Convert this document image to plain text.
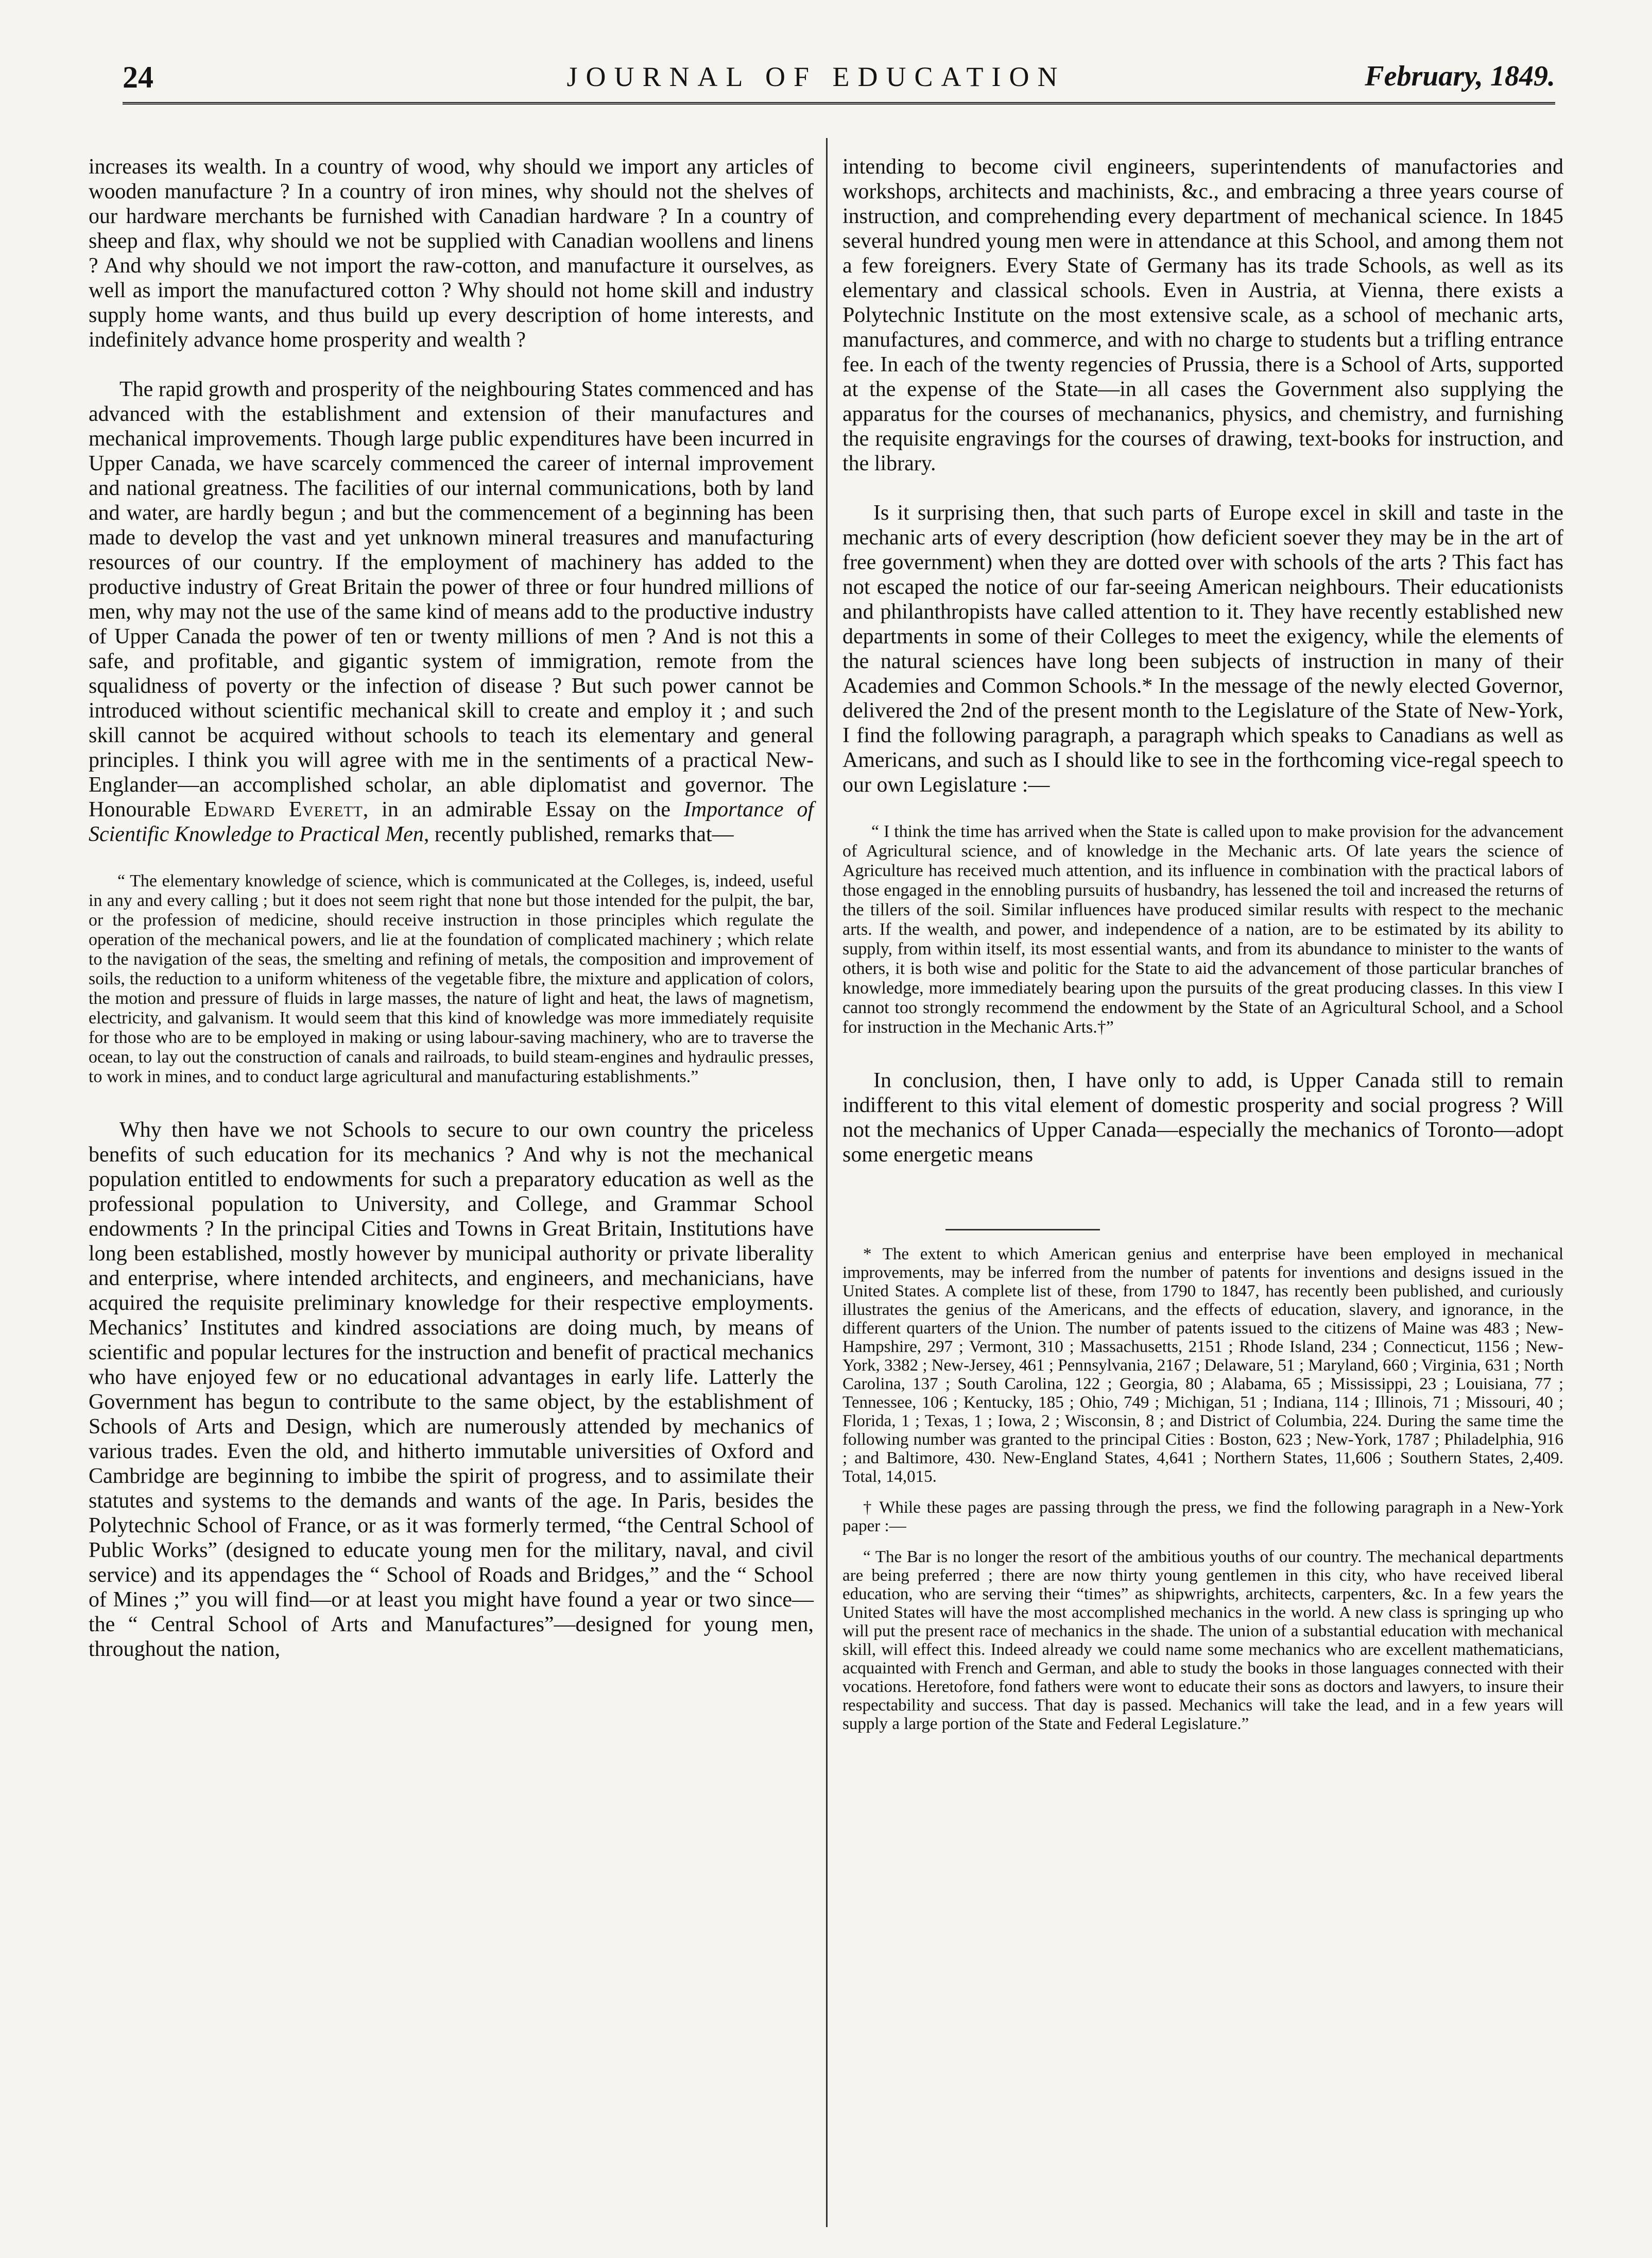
24	JOURNAL OF EDUCATION	February, 1849.

increases its wealth. In a country of wood, why should we import any articles of wooden manufacture ? In a country of iron mines, why should not the shelves of our hardware merchants be furnished with Canadian hardware ? In a country of sheep and flax, why should we not be supplied with Canadian woollens and linens ? And why should we not import the raw-cotton, and manufacture it ourselves, as well as import the manufactured cotton ? Why should not home skill and industry supply home wants, and thus build up every description of home interests, and indefinitely advance home prosperity and wealth ?

The rapid growth and prosperity of the neighbouring States commenced and has advanced with the establishment and extension of their manufactures and mechanical improvements. Though large public expenditures have been incurred in Upper Canada, we have scarcely commenced the career of internal improvement and national greatness. The facilities of our internal communications, both by land and water, are hardly begun ; and but the commencement of a beginning has been made to develop the vast and yet unknown mineral treasures and manufacturing resources of our country. If the employment of machinery has added to the productive industry of Great Britain the power of three or four hundred millions of men, why may not the use of the same kind of means add to the productive industry of Upper Canada the power of ten or twenty millions of men ? And is not this a safe, and profitable, and gigantic system of immigration, remote from the squalidness of poverty or the infection of disease ? But such power cannot be introduced without scientific mechanical skill to create and employ it ; and such skill cannot be acquired without schools to teach its elementary and general principles. I think you will agree with me in the sentiments of a practical New-Englander—an accomplished scholar, an able diplomatist and governor. The Honourable Edward Everett, in an admirable Essay on the Importance of Scientific Knowledge to Practical Men, recently published, remarks that—

“ The elementary knowledge of science, which is communicated at the Colleges, is, indeed, useful in any and every calling ; but it does not seem right that none but those intended for the pulpit, the bar, or the profession of medicine, should receive instruction in those principles which regulate the operation of the mechanical powers, and lie at the foundation of complicated machinery ; which relate to the navigation of the seas, the smelting and refining of metals, the composition and improvement of soils, the reduction to a uniform whiteness of the vegetable fibre, the mixture and application of colors, the motion and pressure of fluids in large masses, the nature of light and heat, the laws of magnetism, electricity, and galvanism. It would seem that this kind of knowledge was more immediately requisite for those who are to be employed in making or using labour-saving machinery, who are to traverse the ocean, to lay out the construction of canals and railroads, to build steam-engines and hydraulic presses, to work in mines, and to conduct large agricultural and manufacturing establishments.”

Why then have we not Schools to secure to our own country the priceless benefits of such education for its mechanics ? And why is not the mechanical population entitled to endowments for such a preparatory education as well as the professional population to University, and College, and Grammar School endowments ? In the principal Cities and Towns in Great Britain, Institutions have long been established, mostly however by municipal authority or private liberality and enterprise, where intended architects, and engineers, and mechanicians, have acquired the requisite preliminary knowledge for their respective employments. Mechanics’ Institutes and kindred associations are doing much, by means of scientific and popular lectures for the instruction and benefit of practical mechanics who have enjoyed few or no educational advantages in early life. Latterly the Government has begun to contribute to the same object, by the establishment of Schools of Arts and Design, which are numerously attended by mechanics of various trades. Even the old, and hitherto immutable universities of Oxford and Cambridge are beginning to imbibe the spirit of progress, and to assimilate their statutes and systems to the demands and wants of the age. In Paris, besides the Polytechnic School of France, or as it was formerly termed, “the Central School of Public Works” (designed to educate young men for the military, naval, and civil service) and its appendages the “ School of Roads and Bridges,” and the “ School of Mines ;” you will find—or at least you might have found a year or two since—the “ Central School of Arts and Manufactures”—designed for young men, throughout the nation,

intending to become civil engineers, superintendents of manufactories and workshops, architects and machinists, &c., and embracing a three years course of instruction, and comprehending every department of mechanical science. In 1845 several hundred young men were in attendance at this School, and among them not a few foreigners. Every State of Germany has its trade Schools, as well as its elementary and classical schools. Even in Austria, at Vienna, there exists a Polytechnic Institute on the most extensive scale, as a school of mechanic arts, manufactures, and commerce, and with no charge to students but a trifling entrance fee. In each of the twenty regencies of Prussia, there is a School of Arts, supported at the expense of the State—in all cases the Government also supplying the apparatus for the courses of mechananics, physics, and chemistry, and furnishing the requisite engravings for the courses of drawing, text-books for instruction, and the library.

Is it surprising then, that such parts of Europe excel in skill and taste in the mechanic arts of every description (how deficient soever they may be in the art of free government) when they are dotted over with schools of the arts ? This fact has not escaped the notice of our far-seeing American neighbours. Their educationists and philanthropists have called attention to it. They have recently established new departments in some of their Colleges to meet the exigency, while the elements of the natural sciences have long been subjects of instruction in many of their Academies and Common Schools.* In the message of the newly elected Governor, delivered the 2nd of the present month to the Legislature of the State of New-York, I find the following paragraph, a paragraph which speaks to Canadians as well as Americans, and such as I should like to see in the forthcoming vice-regal speech to our own Legislature :—

“ I think the time has arrived when the State is called upon to make provision for the advancement of Agricultural science, and of knowledge in the Mechanic arts. Of late years the science of Agriculture has received much attention, and its influence in combination with the practical labors of those engaged in the ennobling pursuits of husbandry, has lessened the toil and increased the returns of the tillers of the soil. Similar influences have produced similar results with respect to the mechanic arts. If the wealth, and power, and independence of a nation, are to be estimated by its ability to supply, from within itself, its most essential wants, and from its abundance to minister to the wants of others, it is both wise and politic for the State to aid the advancement of those particular branches of knowledge, more immediately bearing upon the pursuits of the great producing classes. In this view I cannot too strongly recommend the endowment by the State of an Agricultural School, and a School for instruction in the Mechanic Arts.†”

In conclusion, then, I have only to add, is Upper Canada still to remain indifferent to this vital element of domestic prosperity and social progress ? Will not the mechanics of Upper Canada—especially the mechanics of Toronto—adopt some energetic means

* The extent to which American genius and enterprise have been employed in mechanical improvements, may be inferred from the number of patents for inventions and designs issued in the United States. A complete list of these, from 1790 to 1847, has recently been published, and curiously illustrates the genius of the Americans, and the effects of education, slavery, and ignorance, in the different quarters of the Union. The number of patents issued to the citizens of Maine was 483 ; New-Hampshire, 297 ; Vermont, 310 ; Massachusetts, 2151 ; Rhode Island, 234 ; Connecticut, 1156 ; New-York, 3382 ; New-Jersey, 461 ; Pennsylvania, 2167 ; Delaware, 51 ; Maryland, 660 ; Virginia, 631 ; North Carolina, 137 ; South Carolina, 122 ; Georgia, 80 ; Alabama, 65 ; Mississippi, 23 ; Louisiana, 77 ; Tennessee, 106 ; Kentucky, 185 ; Ohio, 749 ; Michigan, 51 ; Indiana, 114 ; Illinois, 71 ; Missouri, 40 ; Florida, 1 ; Texas, 1 ; Iowa, 2 ; Wisconsin, 8 ; and District of Columbia, 224. During the same time the following number was granted to the principal Cities : Boston, 623 ; New-York, 1787 ; Philadelphia, 916 ; and Baltimore, 430. New-England States, 4,641 ; Northern States, 11,606 ; Southern States, 2,409. Total, 14,015.

† While these pages are passing through the press, we find the following paragraph in a New-York paper :—

“ The Bar is no longer the resort of the ambitious youths of our country. The mechanical departments are being preferred ; there are now thirty young gentlemen in this city, who have received liberal education, who are serving their “times” as shipwrights, architects, carpenters, &c. In a few years the United States will have the most accomplished mechanics in the world. A new class is springing up who will put the present race of mechanics in the shade. The union of a substantial education with mechanical skill, will effect this. Indeed already we could name some mechanics who are excellent mathematicians, acquainted with French and German, and able to study the books in those languages connected with their vocations. Heretofore, fond fathers were wont to educate their sons as doctors and lawyers, to insure their respectability and success. That day is passed. Mechanics will take the lead, and in a few years will supply a large portion of the State and Federal Legislature.”
